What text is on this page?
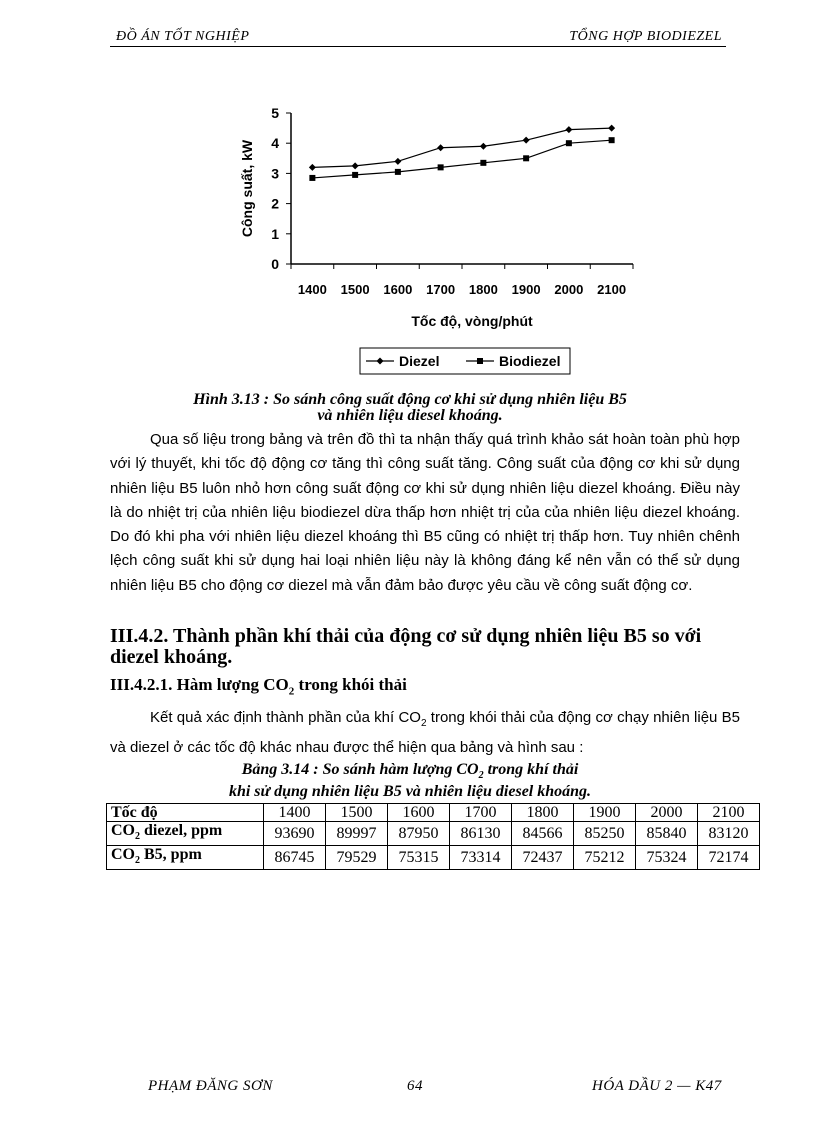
ĐỒ ÁN TỐT NGHIỆP	TỔNG HỢP BIODIEZEL
0
1
2
3
4
5
1400 1500 1600 1700 1800 1900 2000 2100
Tốc độ, vòng/phút
Công suất, kW
Diezel	Biodiezel
Hình 3.13 : So sánh công suất động cơ khi sử dụng nhiên liệu B5
và nhiên liệu diesel khoáng.

Qua số liệu trong bảng và trên đồ thì ta nhận thấy quá trình khảo sát hoàn toàn phù hợp với lý thuyết, khi tốc độ động cơ tăng thì công suất tăng. Công suất của động cơ khi sử dụng nhiên liệu B5 luôn nhỏ hơn công suất động cơ khi sử dụng nhiên liệu diezel khoáng. Điều này là do nhiệt trị của nhiên liệu biodiezel dừa thấp hơn nhiệt trị của của nhiên liệu diezel khoáng. Do đó khi pha với nhiên liệu diezel khoáng thì B5 cũng có nhiệt trị thấp hơn. Tuy nhiên chênh lệch công suất khi sử dụng hai loại nhiên liệu này là không đáng kể nên vẫn có thể sử dụng nhiên liệu B5 cho động cơ diezel mà vẫn đảm bảo được yêu cầu về công suất động cơ.

III.4.2. Thành phần khí thải của động cơ sử dụng nhiên liệu B5 so với diezel khoáng.
III.4.2.1. Hàm lượng $CO_2$ trong khói thải

Kết quả xác định thành phần của khí $CO_2$ trong khói thải của động cơ chạy nhiên liệu B5 và diezel ở các tốc độ khác nhau được thể hiện qua bảng và hình sau :

Bảng 3.14 : So sánh hàm lượng $CO_2$ trong khí thải
khi sử dụng nhiên liệu B5 và nhiên liệu diesel khoáng.
Tốc độ	1400	1500	1600	1700	1800	1900	2000	2100
$CO_2$ diezel, ppm	93690	89997	87950	86130	84566	85250	85840	83120
$CO_2$ B5, ppm	86745	79529	75315	73314	72437	75212	75324	72174
PHẠM ĐĂNG SƠN	64	HÓA DẦU 2 — K47
